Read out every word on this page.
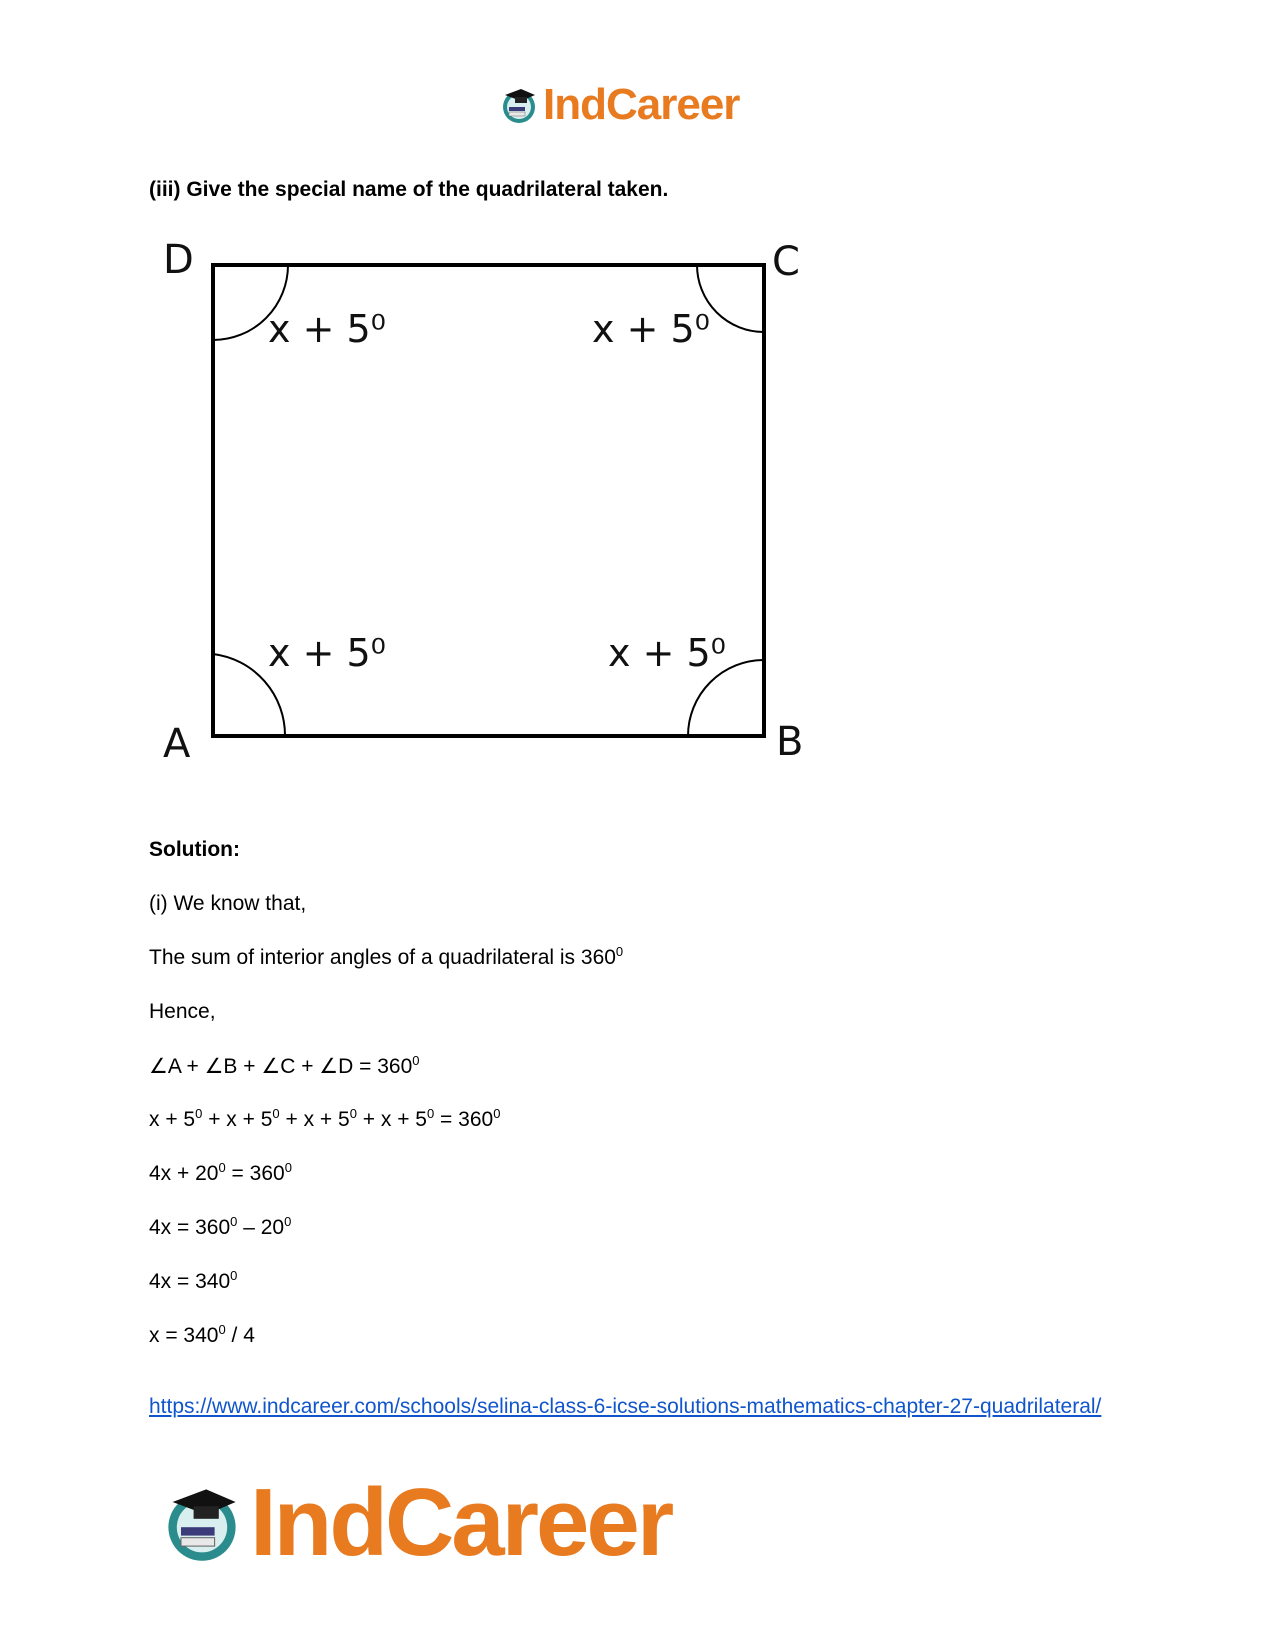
IndCareer
(iii) Give the special name of the quadrilateral taken.
D	C
A	B
x + 5⁰	x + 5⁰
x + 5⁰	x + 5⁰
Solution:
(i) We know that,
The sum of interior angles of a quadrilateral is $360^0$
Hence,
∠A + ∠B + ∠C + ∠D = $360^0$
$x + 5^0 + x + 5^0 + x + 5^0 + x + 5^0 = 360^0$
$4x + 20^0 = 360^0$
$4x = 360^0 - 20^0$
$4x = 340^0$
$x = 340^0 / 4$
https://www.indcareer.com/schools/selina-class-6-icse-solutions-mathematics-chapter-27-quadrilateral/
IndCareer
